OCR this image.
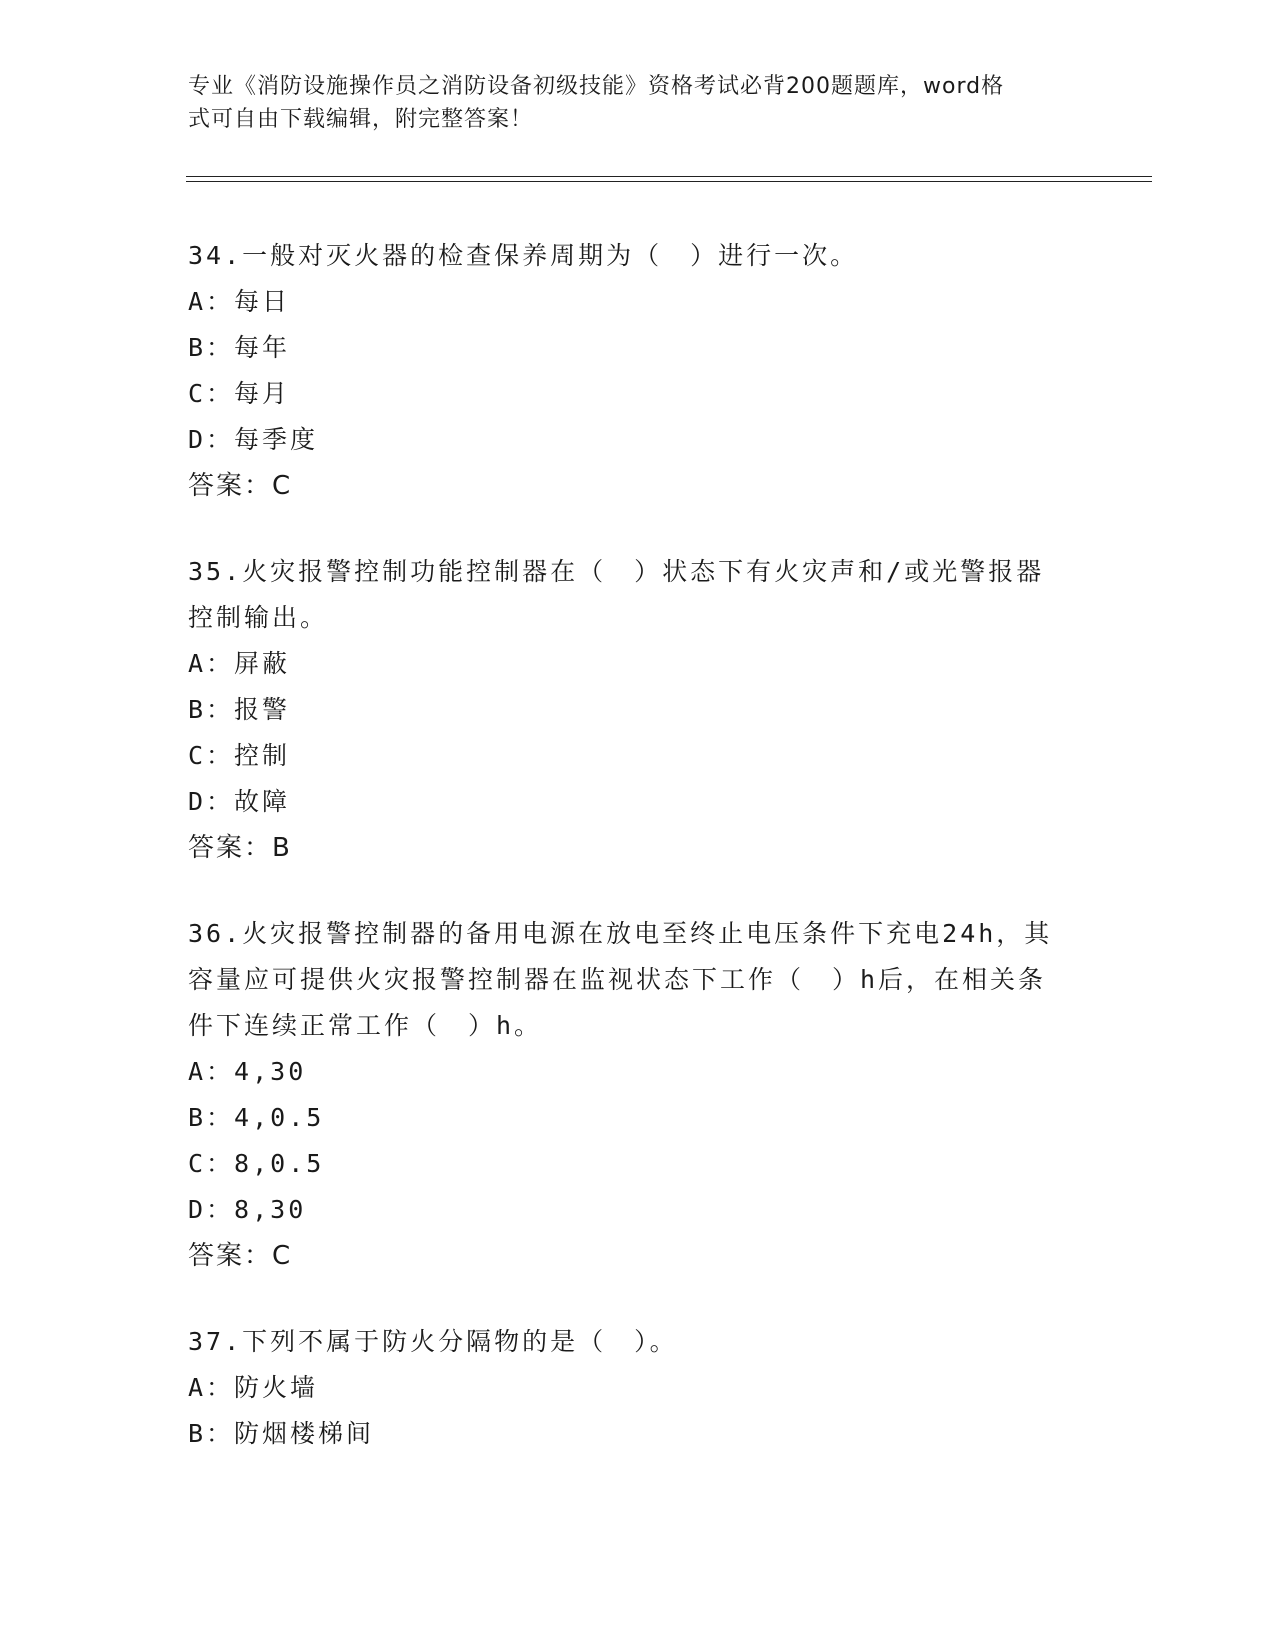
专业《消防设施操作员之消防设备初级技能》资格考试必背200题题库，word格
式可自由下载编辑，附完整答案！
34.一般对灭火器的检查保养周期为（　）进行一次。
A：每日
B：每年
C：每月
D：每季度
答案：C
35.火灾报警控制功能控制器在（　）状态下有火灾声和/或光警报器
控制输出。
A：屏蔽
B：报警
C：控制
D：故障
答案：B
36.火灾报警控制器的备用电源在放电至终止电压条件下充电24h，其
容量应可提供火灾报警控制器在监视状态下工作（　）h后，在相关条
件下连续正常工作（　）h。
A：4,30
B：4,0.5
C：8,0.5
D：8,30
答案：C
37.下列不属于防火分隔物的是（　）。
A：防火墙
B：防烟楼梯间
